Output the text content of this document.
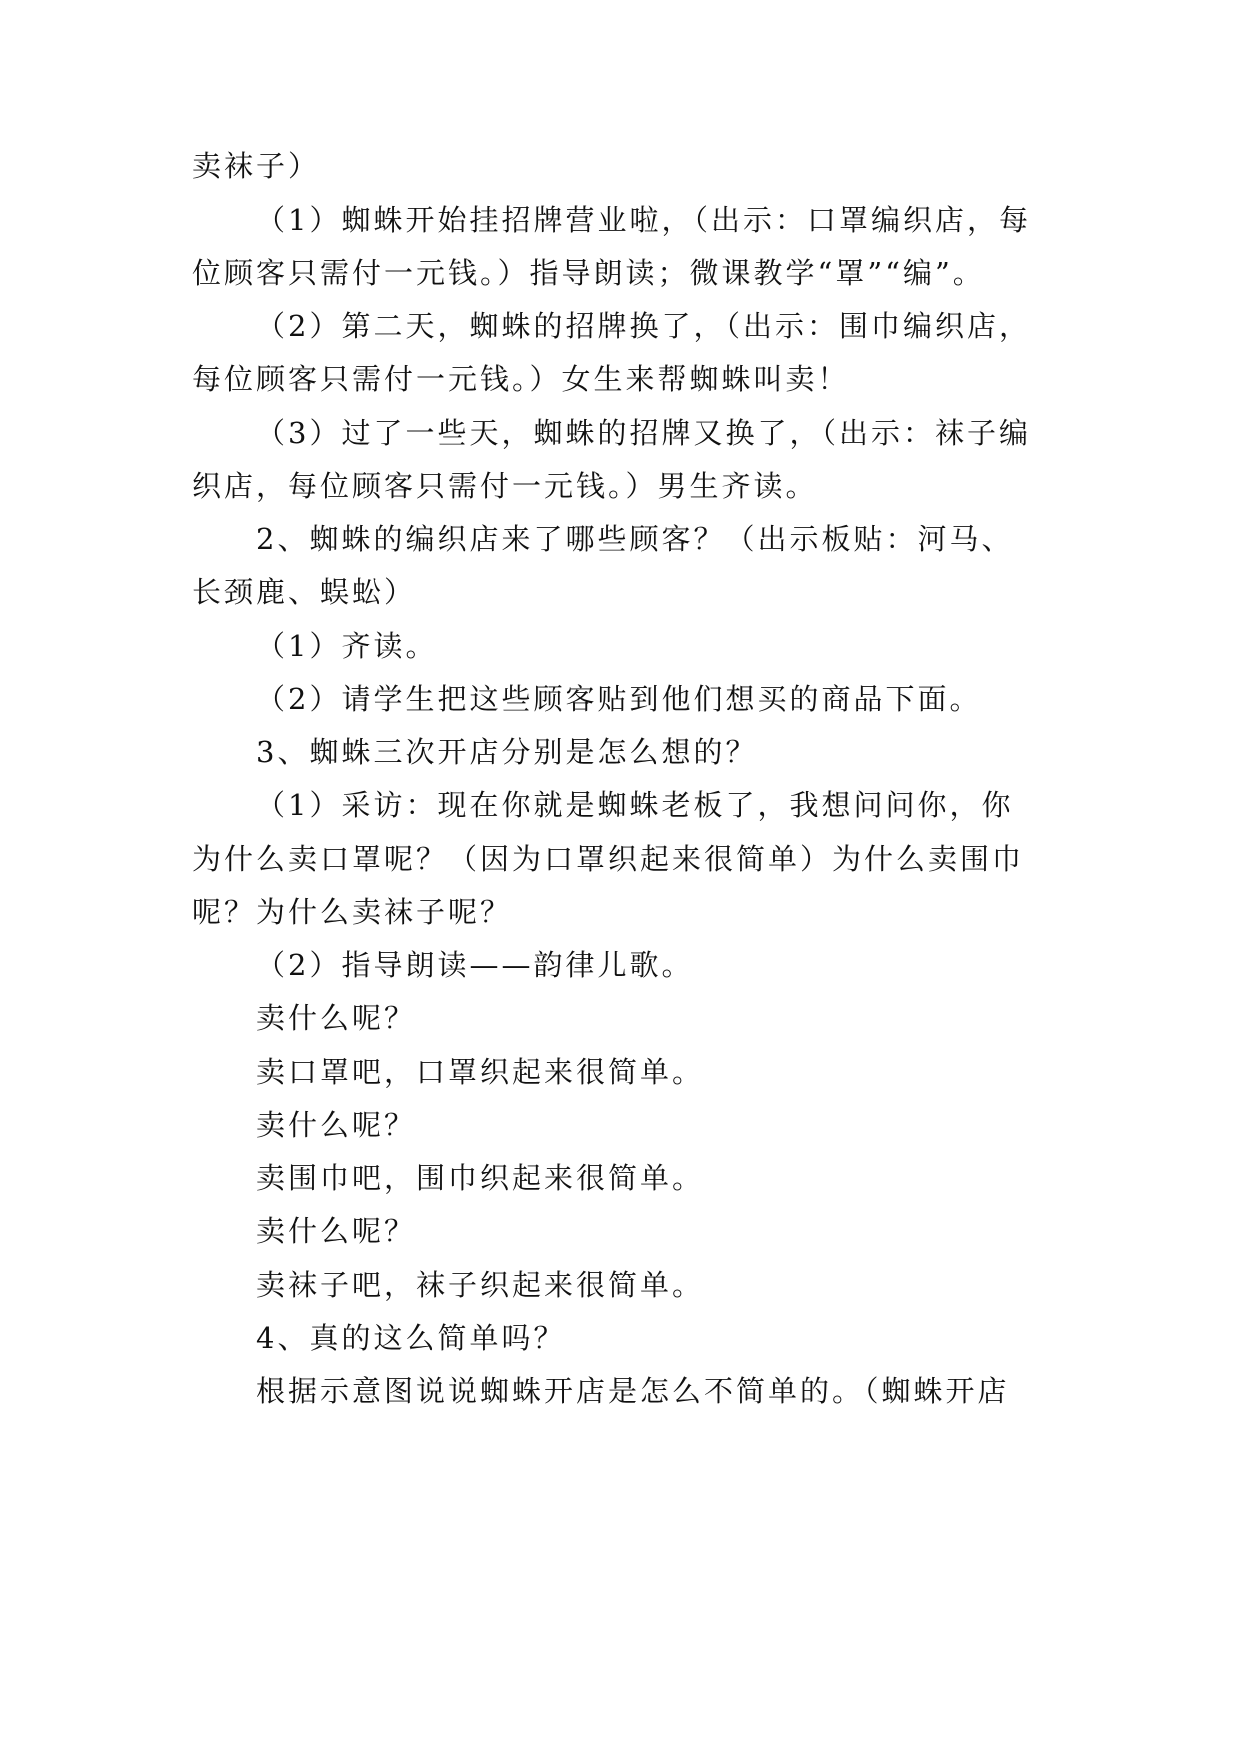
卖袜子）
（1）蜘蛛开始挂招牌营业啦，（出示：口罩编织店，每
位顾客只需付一元钱。）指导朗读；微课教学“罩”“编”。
（2）第二天，蜘蛛的招牌换了，（出示：围巾编织店，
每位顾客只需付一元钱。）女生来帮蜘蛛叫卖！
（3）过了一些天，蜘蛛的招牌又换了，（出示：袜子编
织店，每位顾客只需付一元钱。）男生齐读。
2、蜘蛛的编织店来了哪些顾客？（出示板贴：河马、
长颈鹿、蜈蚣）
（1）齐读。
（2）请学生把这些顾客贴到他们想买的商品下面。
3、蜘蛛三次开店分别是怎么想的？
（1）采访：现在你就是蜘蛛老板了，我想问问你，你
为什么卖口罩呢？（因为口罩织起来很简单）为什么卖围巾
呢？为什么卖袜子呢？
（2）指导朗读——韵律儿歌。
卖什么呢？
卖口罩吧，口罩织起来很简单。
卖什么呢？
卖围巾吧，围巾织起来很简单。
卖什么呢？
卖袜子吧，袜子织起来很简单。
4、真的这么简单吗？
根据示意图说说蜘蛛开店是怎么不简单的。（蜘蛛开店
